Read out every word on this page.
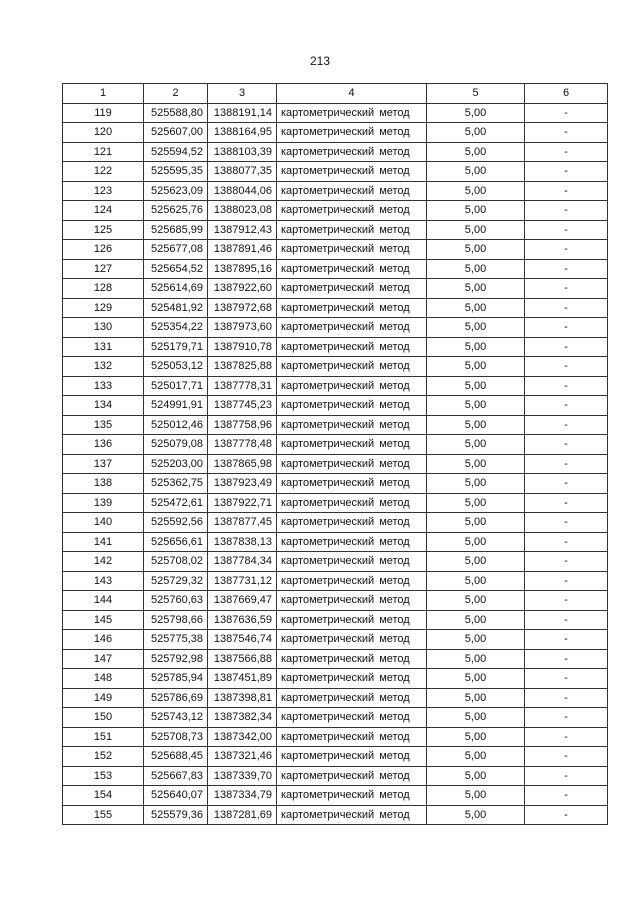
213
1	2	3	4	5	6
119	525588,80	1388191,14	картометрический метод	5,00	-
120	525607,00	1388164,95	картометрический метод	5,00	-
121	525594,52	1388103,39	картометрический метод	5,00	-
122	525595,35	1388077,35	картометрический метод	5,00	-
123	525623,09	1388044,06	картометрический метод	5,00	-
124	525625,76	1388023,08	картометрический метод	5,00	-
125	525685,99	1387912,43	картометрический метод	5,00	-
126	525677,08	1387891,46	картометрический метод	5,00	-
127	525654,52	1387895,16	картометрический метод	5,00	-
128	525614,69	1387922,60	картометрический метод	5,00	-
129	525481,92	1387972,68	картометрический метод	5,00	-
130	525354,22	1387973,60	картометрический метод	5,00	-
131	525179,71	1387910,78	картометрический метод	5,00	-
132	525053,12	1387825,88	картометрический метод	5,00	-
133	525017,71	1387778,31	картометрический метод	5,00	-
134	524991,91	1387745,23	картометрический метод	5,00	-
135	525012,46	1387758,96	картометрический метод	5,00	-
136	525079,08	1387778,48	картометрический метод	5,00	-
137	525203,00	1387865,98	картометрический метод	5,00	-
138	525362,75	1387923,49	картометрический метод	5,00	-
139	525472,61	1387922,71	картометрический метод	5,00	-
140	525592,56	1387877,45	картометрический метод	5,00	-
141	525656,61	1387838,13	картометрический метод	5,00	-
142	525708,02	1387784,34	картометрический метод	5,00	-
143	525729,32	1387731,12	картометрический метод	5,00	-
144	525760,63	1387669,47	картометрический метод	5,00	-
145	525798,66	1387636,59	картометрический метод	5,00	-
146	525775,38	1387546,74	картометрический метод	5,00	-
147	525792,98	1387566,88	картометрический метод	5,00	-
148	525785,94	1387451,89	картометрический метод	5,00	-
149	525786,69	1387398,81	картометрический метод	5,00	-
150	525743,12	1387382,34	картометрический метод	5,00	-
151	525708,73	1387342,00	картометрический метод	5,00	-
152	525688,45	1387321,46	картометрический метод	5,00	-
153	525667,83	1387339,70	картометрический метод	5,00	-
154	525640,07	1387334,79	картометрический метод	5,00	-
155	525579,36	1387281,69	картометрический метод	5,00	-
